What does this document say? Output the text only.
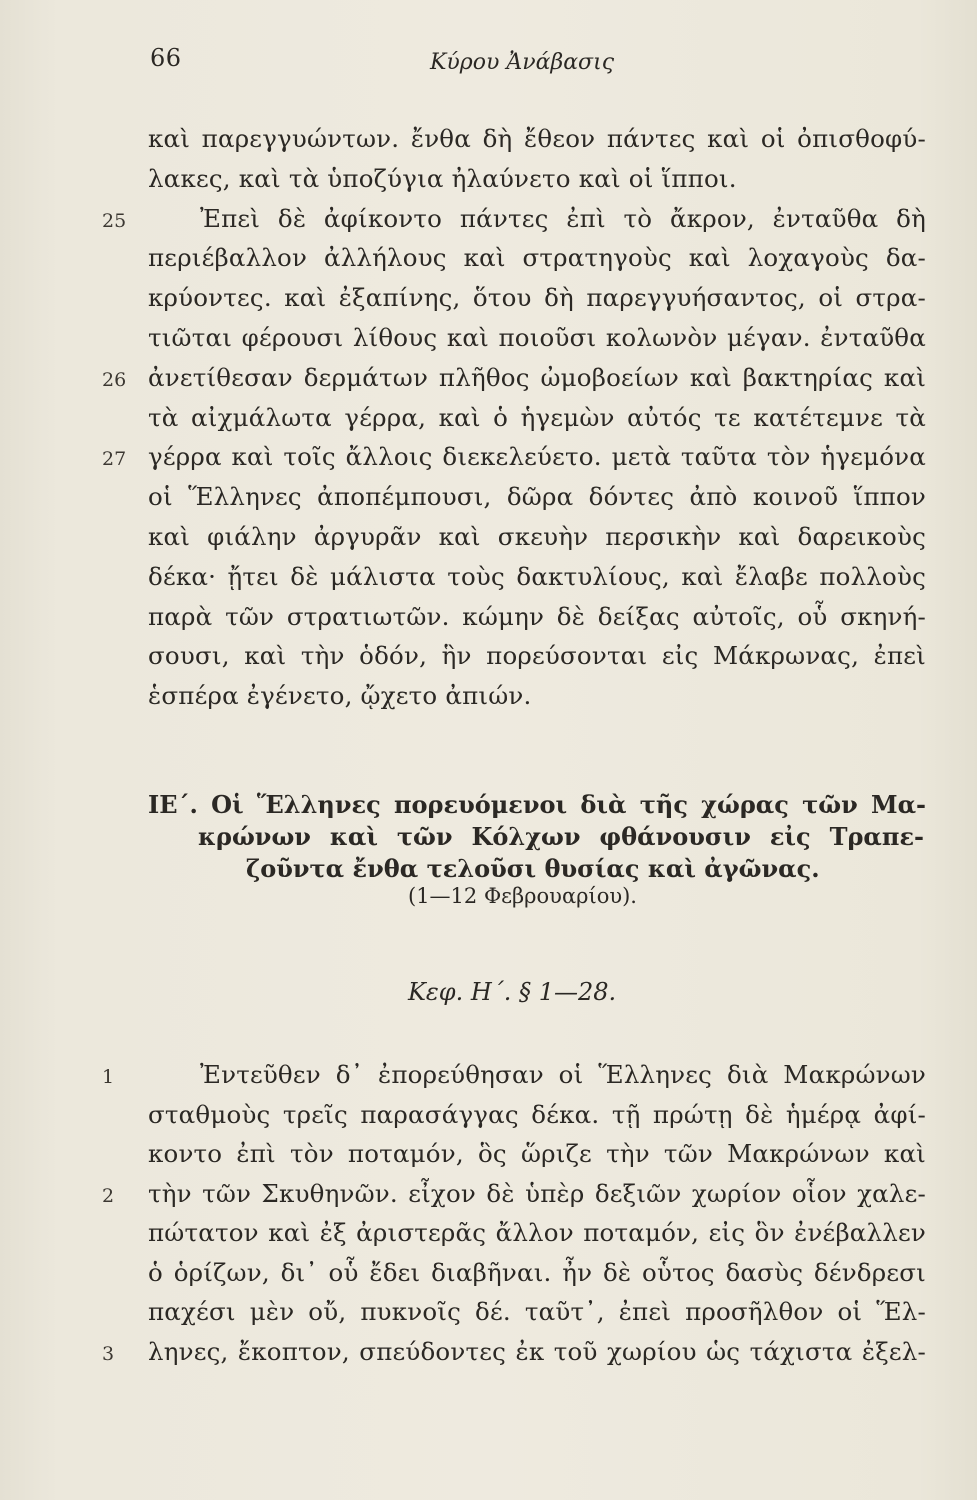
66	Κύρου Ἀνάβασις
καὶ παρεγγυώντων. ἔνθα δὴ ἔθεον πάντες καὶ οἱ ὀπισθοφύ-
λακες, καὶ τὰ ὑποζύγια ἠλαύνετο καὶ οἱ ἵπποι.
Ἐπεὶ δὲ ἀφίκοντο πάντες ἐπὶ τὸ ἄκρον, ἐνταῦθα δὴ
25
περιέβαλλον ἀλλήλους καὶ στρατηγοὺς καὶ λοχαγοὺς δα-
κρύοντες. καὶ ἐξαπίνης, ὅτου δὴ παρεγγυήσαντος, οἱ στρα-
τιῶται φέρουσι λίθους καὶ ποιοῦσι κολωνὸν μέγαν. ἐνταῦθα
ἀνετίθεσαν δερμάτων πλῆθος ὠμοβοείων καὶ βακτηρίας καὶ
26
τὰ αἰχμάλωτα γέρρα, καὶ ὁ ἡγεμὼν αὐτός τε κατέτεμνε τὰ
γέρρα καὶ τοῖς ἄλλοις διεκελεύετο. μετὰ ταῦτα τὸν ἡγεμόνα
27
οἱ Ἕλληνες ἀποπέμπουσι, δῶρα δόντες ἀπὸ κοινοῦ ἵππον
καὶ φιάλην ἀργυρᾶν καὶ σκευὴν περσικὴν καὶ δαρεικοὺς
δέκα· ᾔτει δὲ μάλιστα τοὺς δακτυλίους, καὶ ἔλαβε πολλοὺς
παρὰ τῶν στρατιωτῶν. κώμην δὲ δείξας αὐτοῖς, οὗ σκηνή-
σουσι, καὶ τὴν ὁδόν, ἣν πορεύσονται εἰς Μάκρωνας, ἐπεὶ
ἑσπέρα ἐγένετο, ᾤχετο ἀπιών.
ΙΕ΄. Οἱ Ἕλληνες πορευόμενοι διὰ τῆς χώρας τῶν Μα-
κρώνων καὶ τῶν Κόλχων φθάνουσιν εἰς Τραπε-
ζοῦντα ἔνθα τελοῦσι θυσίας καὶ ἀγῶνας.
(1—12 Φεβρουαρίου).
Κεφ. Η΄. § 1—28.
Ἐντεῦθεν δ᾽ ἐπορεύθησαν οἱ Ἕλληνες διὰ Μακρώνων
1
σταθμοὺς τρεῖς παρασάγγας δέκα. τῇ πρώτῃ δὲ ἡμέρᾳ ἀφί-
κοντο ἐπὶ τὸν ποταμόν, ὃς ὥριζε τὴν τῶν Μακρώνων καὶ
τὴν τῶν Σκυθηνῶν. εἶχον δὲ ὑπὲρ δεξιῶν χωρίον οἷον χαλε-
2
πώτατον καὶ ἐξ ἀριστερᾶς ἄλλον ποταμόν, εἰς ὃν ἐνέβαλλεν
ὁ ὁρίζων, δι᾽ οὗ ἔδει διαβῆναι. ἦν δὲ οὗτος δασὺς δένδρεσι
παχέσι μὲν οὔ, πυκνοῖς δέ. ταῦτ᾽, ἐπεὶ προσῆλθον οἱ Ἕλ-
ληνες, ἔκοπτον, σπεύδοντες ἐκ τοῦ χωρίου ὡς τάχιστα ἐξελ-
3
